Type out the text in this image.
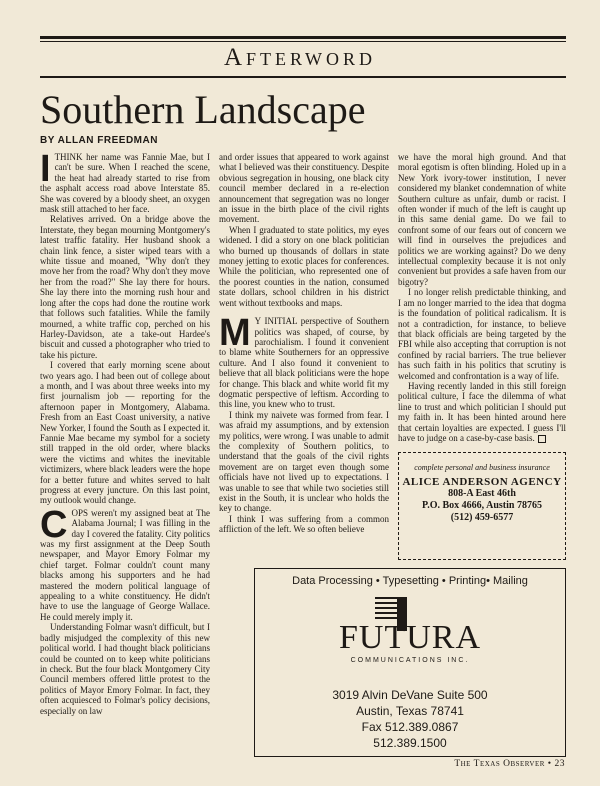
Afterword
Southern Landscape
BY ALLAN FREEDMAN

ITHINK her name was Fannie Mae, but I can't be sure. When I reached the scene, the heat had already started to rise from the asphalt access road above Interstate 85. She was covered by a bloody sheet, an oxygen mask still attached to her face.

Relatives arrived. On a bridge above the Interstate, they began mourning Montgomery's latest traffic fatality. Her husband shook a chain link fence, a sister wiped tears with a white tissue and moaned, "Why don't they move her from the road? Why don't they move her from the road?" She lay there for hours. She lay there into the morning rush hour and long after the cops had done the routine work that follows such fatalities. While the family mourned, a white traffic cop, perched on his Harley-Davidson, ate a take-out Hardee's biscuit and cussed a photographer who tried to take his picture.

I covered that early morning scene about two years ago. I had been out of college about a month, and I was about three weeks into my first journalism job — reporting for the afternoon paper in Montgomery, Alabama. Fresh from an East Coast university, a native New Yorker, I found the South as I expected it. Fannie Mae became my symbol for a society still trapped in the old order, where blacks were the victims and whites the inevitable victimizers, where black leaders were the hope for a better future and whites served to halt progress at every juncture. On this last point, my outlook would change.

COPS weren't my assigned beat at The Alabama Journal; I was filling in the day I covered the fatality. City politics was my first assignment at the Deep South newspaper, and Mayor Emory Folmar my chief target. Folmar couldn't count many blacks among his supporters and he had mastered the modern political language of appealing to a white constituency. He didn't have to use the language of George Wallace. He could merely imply it.

Understanding Folmar wasn't difficult, but I badly misjudged the complexity of this new political world. I had thought black politicians could be counted on to keep white politicians in check. But the four black Montgomery City Council members offered little protest to the politics of Mayor Emory Folmar. In fact, they often acquiesced to Folmar's policy decisions, especially on law

and order issues that appeared to work against what I believed was their constituency. Despite obvious segregation in housing, one black city council member declared in a re-election announcement that segregation was no longer an issue in the birth place of the civil rights movement.

When I graduated to state politics, my eyes widened. I did a story on one black politician who burned up thousands of dollars in state money jetting to exotic places for conferences. While the politician, who represented one of the poorest counties in the nation, consumed state dollars, school children in his district went without textbooks and maps.

M Y INITIAL perspective of Southern politics was shaped, of course, by parochialism. I found it convenient to blame white Southerners for an oppressive culture. And I also found it convenient to believe that all black politicians were the hope for change. This black and white world fit my dogmatic perspective of leftism. According to this line, you knew who to trust.

I think my naivete was formed from fear. I was afraid my assumptions, and by extension my politics, were wrong. I was unable to admit the complexity of Southern politics, to understand that the goals of the civil rights movement are on target even though some officials have not lived up to expectations. I was unable to see that while two societies still exist in the South, it is unclear who holds the key to change.

I think I was suffering from a common affliction of the left. We so often believe

we have the moral high ground. And that moral egotism is often blinding. Holed up in a New York ivory-tower institution, I never considered my blanket condemnation of white Southern culture as unfair, dumb or racist. I often wonder if much of the left is caught up in this same denial game. Do we fail to confront some of our fears out of concern we will find in ourselves the prejudices and politics we are working against? Do we deny intellectual complexity because it is not only convenient but provides a safe haven from our bigotry?

I no longer relish predictable thinking, and I am no longer married to the idea that dogma is the foundation of political radicalism. It is not a contradiction, for instance, to believe that black officials are being targeted by the FBI while also accepting that corruption is not confined by racial barriers. The true believer has such faith in his politics that scrutiny is welcomed and confrontation is a way of life.

Having recently landed in this still foreign political culture, I face the dilemma of what line to trust and which politician I should put my faith in. It has been hinted around here that certain loyalties are expected. I guess I'll have to judge on a case-by-case basis.

complete personal and business insurance
ALICE ANDERSON AGENCY
808-A East 46th
P.O. Box 4666, Austin 78765
(512) 459-6577
Data Processing • Typesetting • Printing• Mailing
FUTURA
COMMUNICATIONS INC.
3019 Alvin DeVane Suite 500
Austin, Texas 78741
Fax 512.389.0867
512.389.1500
The Texas Observer • 23
